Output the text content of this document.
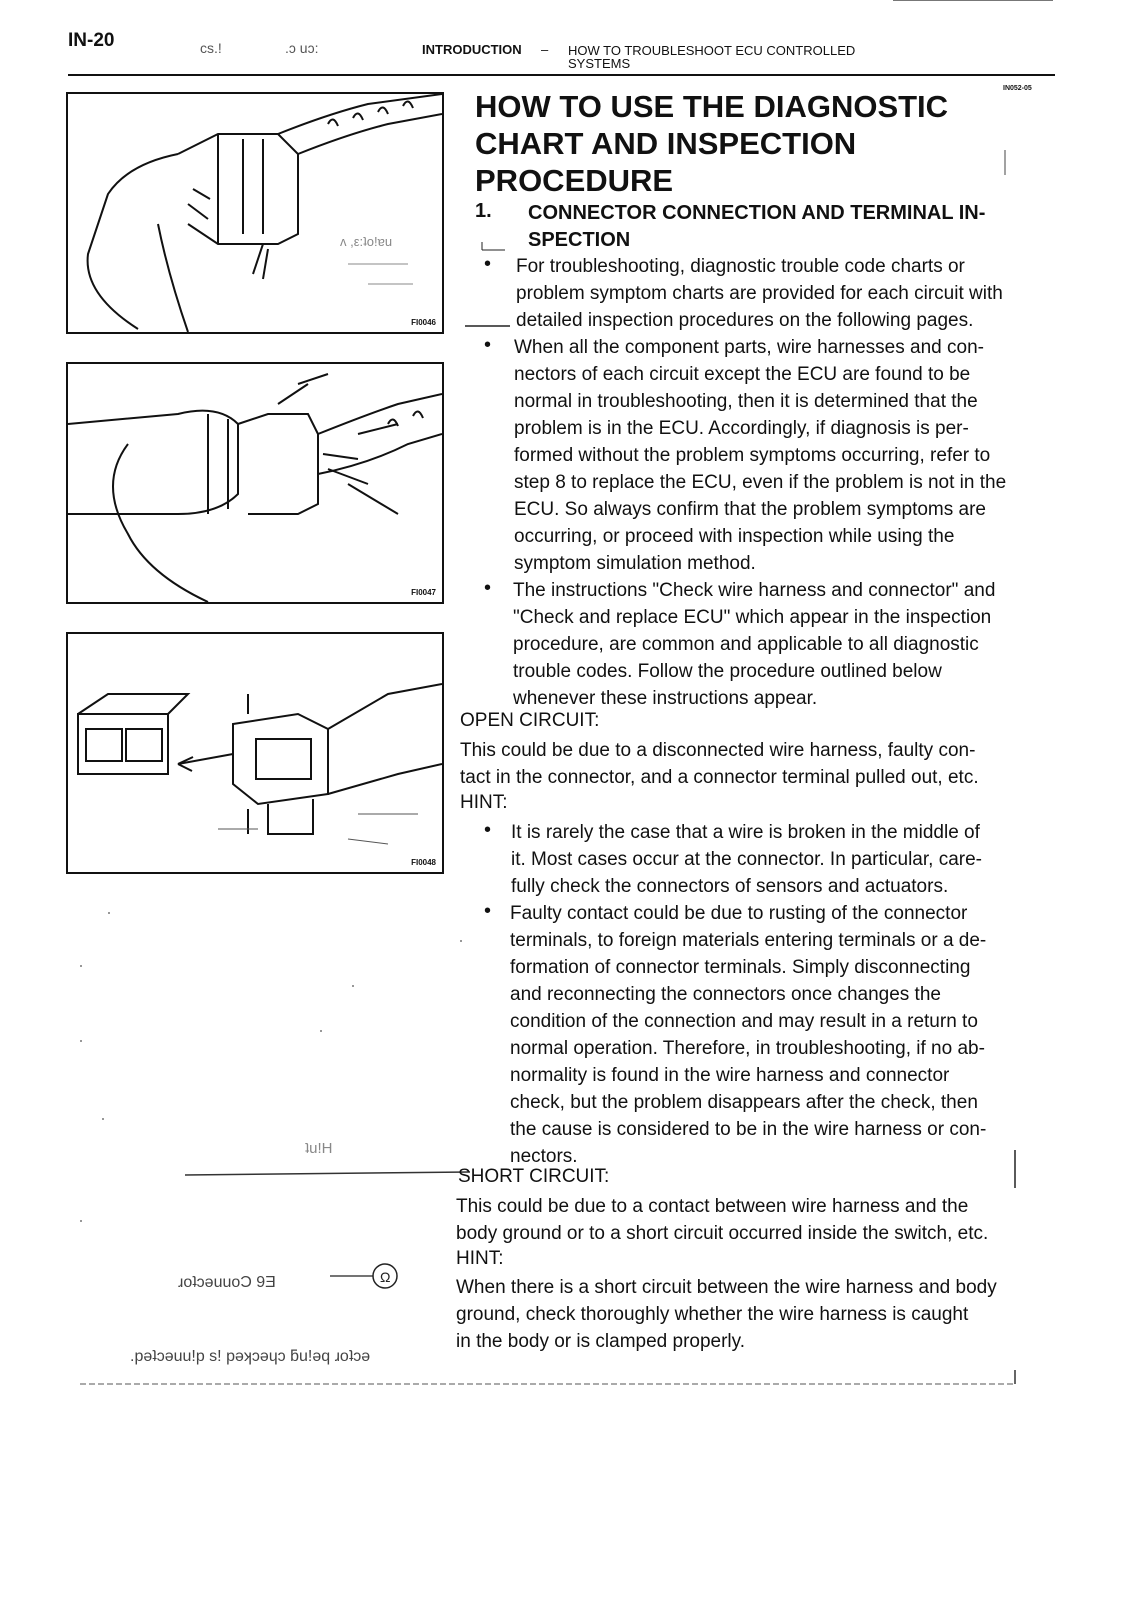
IN-20	cs.!	.ɔ uɔ:	INTRODUCTION – HOW TO TROUBLESHOOT ECU CONTROLLED
SYSTEMS
IN052-05
ʌ ,ε:ʇo!ɐu
FI0046
FI0047
FI0048
ʇu!H
ɹoʇɔǝuuoƆ 9Ǝ	Ω
.pǝʇɔǝuu!p s! pǝʞɔǝɥɔ ƃu!ǝq ɹoʇɔǝ
HOW TO USE THE DIAGNOSTIC
CHART AND INSPECTION
PROCEDURE
1. CONNECTOR CONNECTION AND TERMINAL IN-
SPECTION
• For troubleshooting, diagnostic trouble code charts or
problem symptom charts are provided for each circuit with
detailed inspection procedures on the following pages.
• When all the component parts, wire harnesses and con-
nectors of each circuit except the ECU are found to be
normal in troubleshooting, then it is determined that the
problem is in the ECU. Accordingly, if diagnosis is per-
formed without the problem symptoms occurring, refer to
step 8 to replace the ECU, even if the problem is not in the
ECU. So always confirm that the problem symptoms are
occurring, or proceed with inspection while using the
symptom simulation method.
• The instructions "Check wire harness and connector" and
"Check and replace ECU" which appear in the inspection
procedure, are common and applicable to all diagnostic
trouble codes. Follow the procedure outlined below
whenever these instructions appear.
OPEN CIRCUIT:
This could be due to a disconnected wire harness, faulty con-
tact in the connector, and a connector terminal pulled out, etc.
HINT:
• It is rarely the case that a wire is broken in the middle of
it. Most cases occur at the connector. In particular, care-
fully check the connectors of sensors and actuators.
• Faulty contact could be due to rusting of the connector
terminals, to foreign materials entering terminals or a de-
formation of connector terminals. Simply disconnecting
and reconnecting the connectors once changes the
condition of the connection and may result in a return to
normal operation. Therefore, in troubleshooting, if no ab-
normality is found in the wire harness and connector
check, but the problem disappears after the check, then
the cause is considered to be in the wire harness or con-
nectors.
SHORT CIRCUIT:
This could be due to a contact between wire harness and the
body ground or to a short circuit occurred inside the switch, etc.
HINT:
When there is a short circuit between the wire harness and body
ground, check thoroughly whether the wire harness is caught
in the body or is clamped properly.
